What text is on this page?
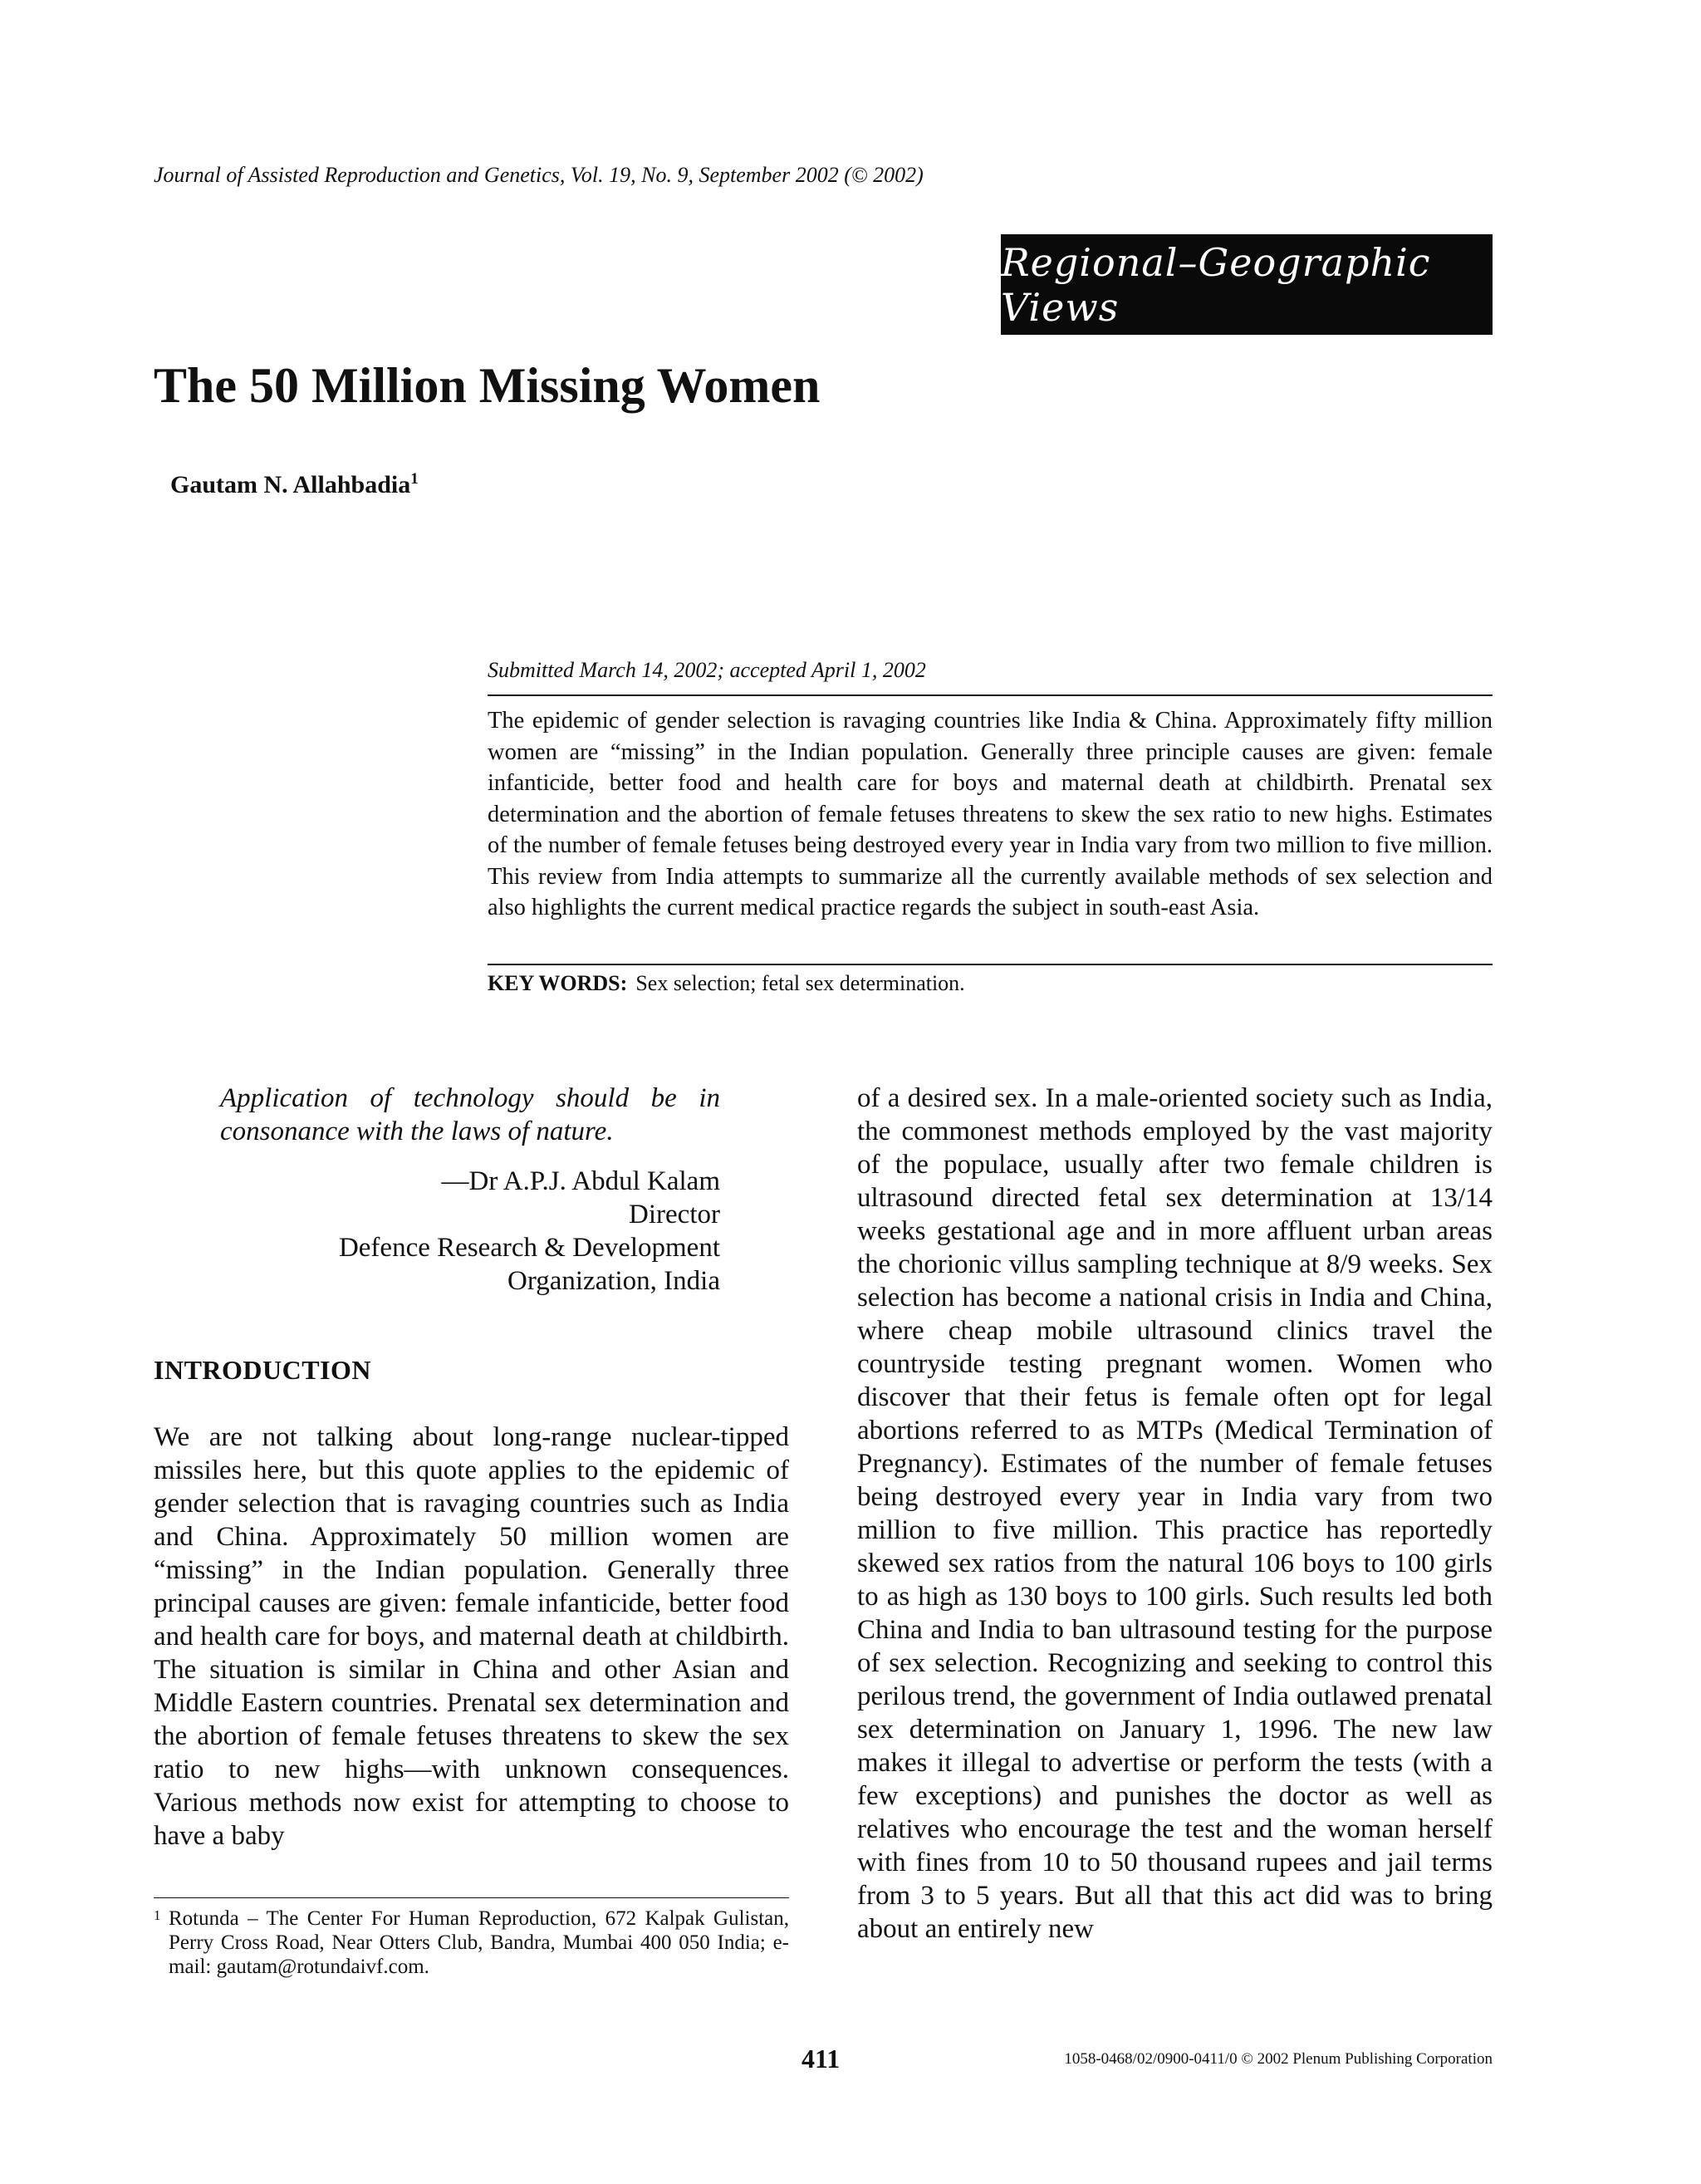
Journal of Assisted Reproduction and Genetics, Vol. 19, No. 9, September 2002 (© 2002)
Regional–Geographic Views
The 50 Million Missing Women
Gautam N. Allahbadia$^1$
Submitted March 14, 2002; accepted April 1, 2002

The epidemic of gender selection is ravaging countries like India & China. Approximately fifty million women are “missing” in the Indian population. Generally three principle causes are given: female infanticide, better food and health care for boys and maternal death at childbirth. Prenatal sex determination and the abortion of female fetuses threatens to skew the sex ratio to new highs. Estimates of the number of female fetuses being destroyed every year in India vary from two million to five million. This review from India attempts to summarize all the currently available methods of sex selection and also highlights the current medical practice regards the subject in south-east Asia.

KEY WORDS: Sex selection; fetal sex determination.

Application of technology should be in consonance with the laws of nature.

—Dr A.P.J. Abdul Kalam
Director
Defence Research & Development
Organization, India
INTRODUCTION

We are not talking about long-range nuclear-tipped missiles here, but this quote applies to the epidemic of gender selection that is ravaging countries such as India and China. Approximately 50 million women are “missing” in the Indian population. Generally three principal causes are given: female infanticide, better food and health care for boys, and maternal death at childbirth. The situation is similar in China and other Asian and Middle Eastern countries. Prenatal sex determination and the abortion of female fetuses threatens to skew the sex ratio to new highs—with unknown consequences. Various methods now exist for attempting to choose to have a baby

of a desired sex. In a male-oriented society such as India, the commonest methods employed by the vast majority of the populace, usually after two female children is ultrasound directed fetal sex determination at 13/14 weeks gestational age and in more affluent urban areas the chorionic villus sampling technique at 8/9 weeks. Sex selection has become a national crisis in India and China, where cheap mobile ultrasound clinics travel the countryside testing pregnant women. Women who discover that their fetus is female often opt for legal abortions referred to as MTPs (Medical Termination of Pregnancy). Estimates of the number of female fetuses being destroyed every year in India vary from two million to five million. This practice has reportedly skewed sex ratios from the natural 106 boys to 100 girls to as high as 130 boys to 100 girls. Such results led both China and India to ban ultrasound testing for the purpose of sex selection. Recognizing and seeking to control this perilous trend, the government of India outlawed prenatal sex determination on January 1, 1996. The new law makes it illegal to advertise or perform the tests (with a few exceptions) and punishes the doctor as well as relatives who encourage the test and the woman herself with fines from 10 to 50 thousand rupees and jail terms from 3 to 5 years. But all that this act did was to bring about an entirely new

1 Rotunda – The Center For Human Reproduction, 672 Kalpak Gulistan, Perry Cross Road, Near Otters Club, Bandra, Mumbai 400 050 India; e-mail: gautam@rotundaivf.com.

411	1058-0468/02/0900-0411/0 © 2002 Plenum Publishing Corporation
